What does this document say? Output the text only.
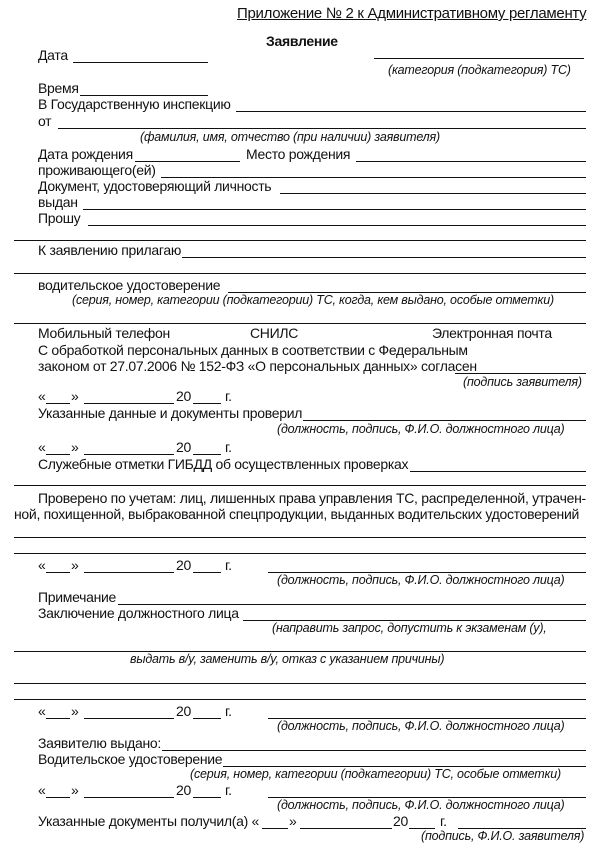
Приложение № 2 к Административному регламенту
Заявление
Дата
(категория (подкатегория) ТС)
Время
В Государственную инспекцию
от
(фамилия, имя, отчество (при наличии) заявителя)
Дата рождения	Место рождения
проживающего(ей)
Документ, удостоверяющий личность
выдан
Прошу
К заявлению прилагаю
водительское удостоверение
(серия, номер, категории (подкатегории) ТС, когда, кем выдано, особые отметки)
Мобильный телефон	СНИЛС	Электронная почта
С обработкой персональных данных в соответствии с Федеральным
законом от 27.07.2006 № 152-ФЗ «О персональных данных» согласен
(подпись заявителя)
« »	20 г.
Указанные данные и документы проверил
(должность, подпись, Ф.И.О. должностного лица)
« »	20 г.
Служебные отметки ГИБДД об осуществленных проверках
Проверено по учетам: лиц, лишенных права управления ТС, распределенной, утрачен-
ной, похищенной, выбракованной спецпродукции, выданных водительских удостоверений
« »	20 г.
(должность, подпись, Ф.И.О. должностного лица)
Примечание
Заключение должностного лица
(направить запрос, допустить к экзаменам (у),
выдать в/у, заменить в/у, отказ с указанием причины)
« »	20 г.
(должность, подпись, Ф.И.О. должностного лица)
Заявителю выдано:
Водительское удостоверение
(серия, номер, категории (подкатегории) ТС, особые отметки)
« »	20 г.
(должность, подпись, Ф.И.О. должностного лица)
Указанные документы получил(а) « »	20 г.
(подпись, Ф.И.О. заявителя)
